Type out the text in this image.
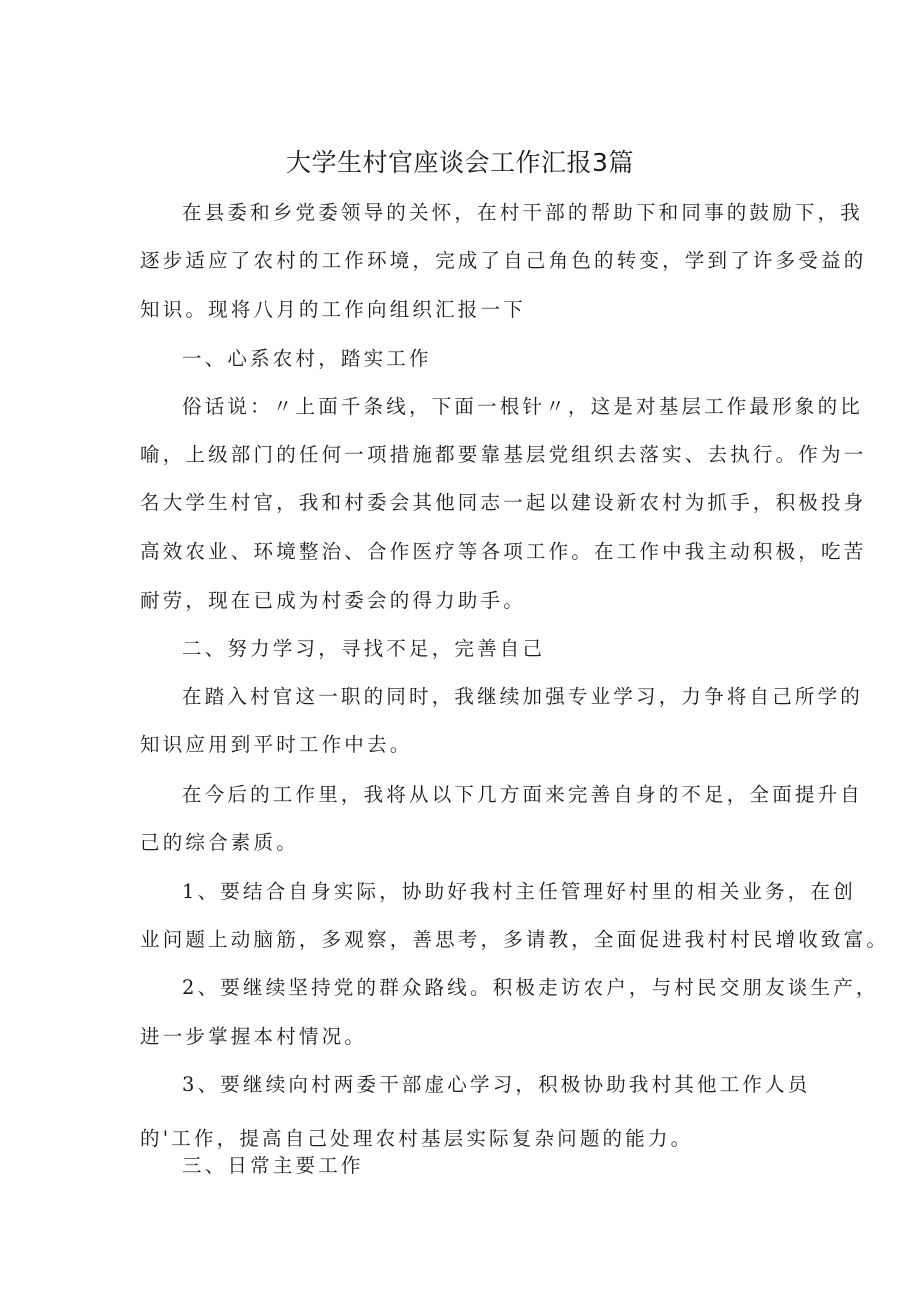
大学生村官座谈会工作汇报3篇
在县委和乡党委领导的关怀，在村干部的帮助下和同事的鼓励下，我
逐步适应了农村的工作环境，完成了自己角色的转变，学到了许多受益的
知识。现将八月的工作向组织汇报一下
一、心系农村，踏实工作
俗话说：〃上面千条线，下面一根针〃，这是对基层工作最形象的比
喻，上级部门的任何一项措施都要靠基层党组织去落实、去执行。作为一
名大学生村官，我和村委会其他同志一起以建设新农村为抓手，积极投身
高效农业、环境整治、合作医疗等各项工作。在工作中我主动积极，吃苦
耐劳，现在已成为村委会的得力助手。
二、努力学习，寻找不足，完善自己
在踏入村官这一职的同时，我继续加强专业学习，力争将自己所学的
知识应用到平时工作中去。
在今后的工作里，我将从以下几方面来完善自身的不足，全面提升自
己的综合素质。
1、要结合自身实际，协助好我村主任管理好村里的相关业务，在创
业问题上动脑筋，多观察，善思考，多请教，全面促进我村村民增收致富。
2、要继续坚持党的群众路线。积极走访农户，与村民交朋友谈生产，
进一步掌握本村情况。
3、要继续向村两委干部虚心学习，积极协助我村其他工作人员
的'工作，提高自己处理农村基层实际复杂问题的能力。
三、日常主要工作
